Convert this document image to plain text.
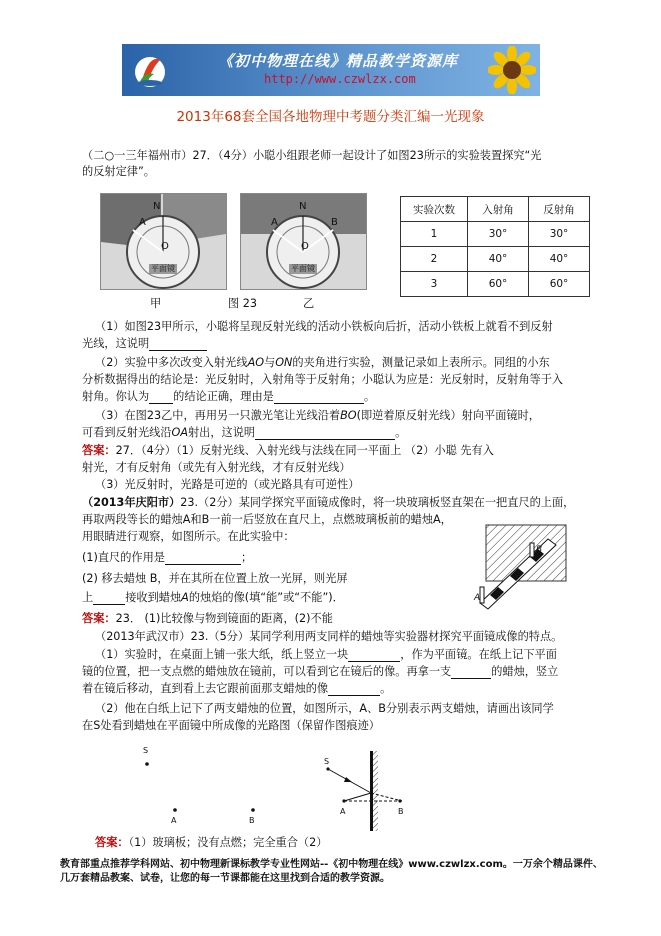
《初中物理在线》精品教学资源库
http://www.czwlzx.com
2013年68套全国各地物理中考题分类汇编一光现象
（二○一三年福州市）27．（4分）小聪小组跟老师一起设计了如图23所示的实验装置探究“光
的反射定律”。
N
A
O
平面镜
N
A	B
O
平面镜
甲	图 23	乙
实验次数	入射角	反射角
1	30°	30°
2	40°	40°
3	60°	60°
（1）如图23甲所示，小聪将呈现反射光线的活动小铁板向后折，活动小铁板上就看不到反射
光线，这说明
（2）实验中多次改变入射光线AO与ON的夹角进行实验，测量记录如上表所示。同组的小东
分析数据得出的结论是：光反射时，入射角等于反射角；小聪认为应是：光反射时，反射角等于入
射角。你认为 的结论正确，理由是	。
（3）在图23乙中，再用另一只激光笔让光线沿着BO(即逆着原反射光线）射向平面镜时，
可看到反射光线沿OA射出，这说明	。
答案：27．（4分）（1）反射光线、入射光线与法线在同一平面上 （2）小聪 先有入
射光，才有反射角（或先有入射光线，才有反射光线）
（3）光反射时，光路是可逆的（或光路具有可逆性）
（2013年庆阳市）23.（2分）某同学探究平面镜成像时，将一块玻璃板竖直架在一把直尺的上面，
再取两段等长的蜡烛A和B一前一后竖放在直尺上，点燃玻璃板前的蜡烛A，
用眼睛进行观察，如图所示。在此实验中：
(1)直尺的作用是	；
(2) 移去蜡烛 B，并在其所在位置上放一光屏，则光屏
上	接收到蜡烛A的烛焰的像(填“能”或“不能”)．	A
B
答案：23． (1)比较像与物到镜面的距离，(2)不能
（2013年武汉市）23.（5分）某同学利用两支同样的蜡烛等实验器材探究平面镜成像的特点。
（1）实验时，在桌面上铺一张大纸，纸上竖立一块	，作为平面镜。在纸上记下平面
镜的位置，把一支点燃的蜡烛放在镜前，可以看到它在镜后的像。再拿一支	的蜡烛，竖立
着在镜后移动，直到看上去它跟前面那支蜡烛的像	。
（2）他在白纸上记下了两支蜡烛的位置，如图所示，A、B分别表示两支蜡烛，请画出该同学
在S处看到蜡烛在平面镜中所成像的光路图（保留作图痕迹）
S
A	B
S
A	B
答案：（1）玻璃板；没有点燃；完全重合（2）
教育部重点推荐学科网站、初中物理新课标教学专业性网站--《初中物理在线》www.czwlzx.com。一万余个精品课件、
几万套精品教案、试卷，让您的每一节课都能在这里找到合适的教学资源。
